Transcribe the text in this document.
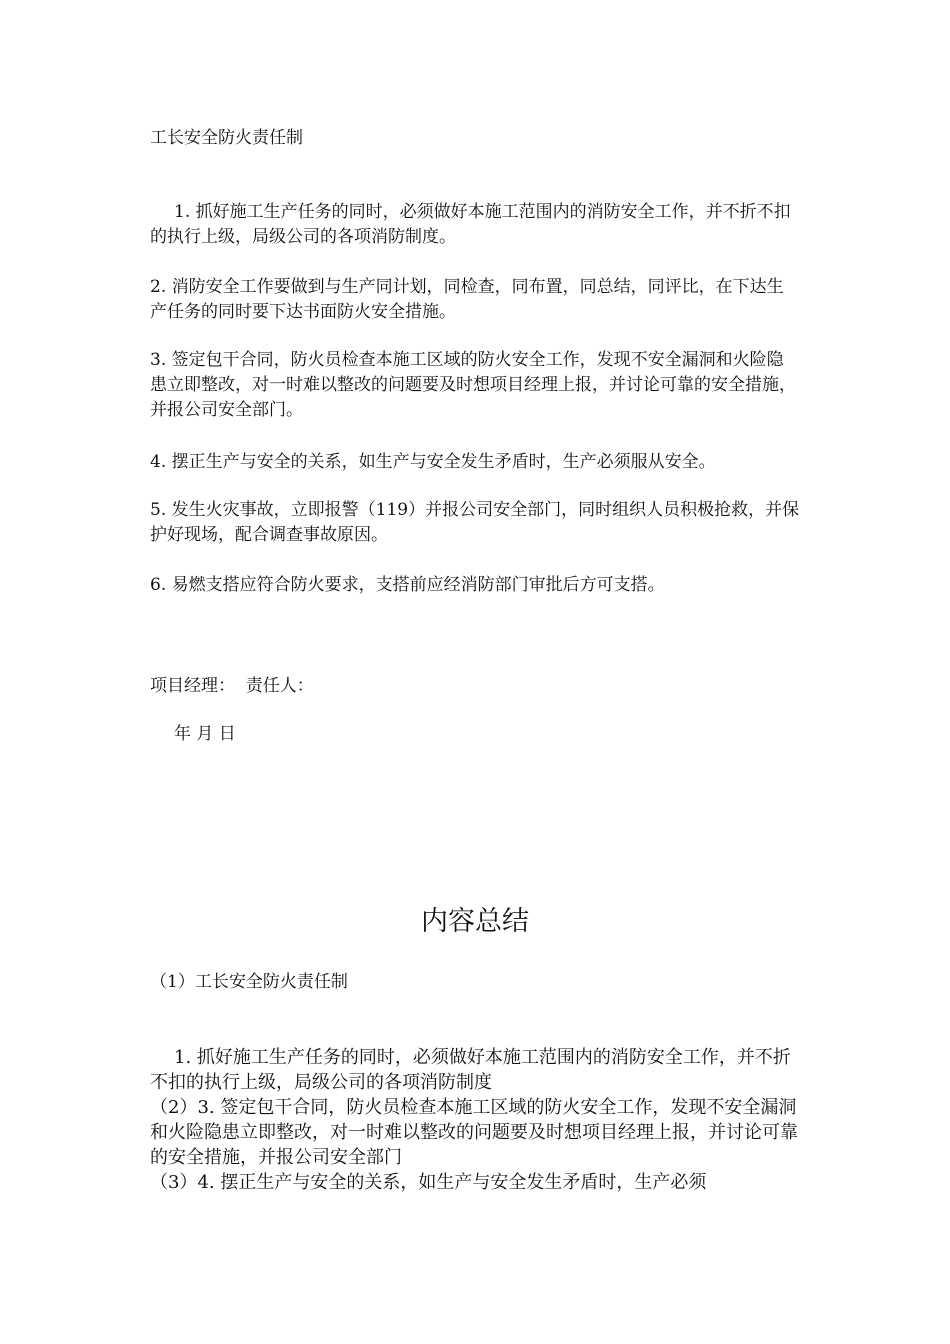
工长安全防火责任制

1. 抓好施工生产任务的同时，必须做好本施工范围内的消防安全工作，并不折不扣的执行上级，局级公司的各项消防制度。

2. 消防安全工作要做到与生产同计划，同检查，同布置，同总结，同评比，在下达生产任务的同时要下达书面防火安全措施。

3. 签定包干合同，防火员检查本施工区域的防火安全工作，发现不安全漏洞和火险隐患立即整改，对一时难以整改的问题要及时想项目经理上报，并讨论可靠的安全措施，并报公司安全部门。

4. 摆正生产与安全的关系，如生产与安全发生矛盾时，生产必须服从安全。

5. 发生火灾事故，立即报警（119）并报公司安全部门，同时组织人员积极抢救，并保护好现场，配合调查事故原因。

6. 易燃支搭应符合防火要求，支搭前应经消防部门审批后方可支搭。

项目经理：  责任人：

年 月 日

内容总结

（1）工长安全防火责任制

1. 抓好施工生产任务的同时，必须做好本施工范围内的消防安全工作，并不折不扣的执行上级，局级公司的各项消防制度
（2）3. 签定包干合同，防火员检查本施工区域的防火安全工作，发现不安全漏洞和火险隐患立即整改，对一时难以整改的问题要及时想项目经理上报，并讨论可靠的安全措施，并报公司安全部门
（3）4. 摆正生产与安全的关系，如生产与安全发生矛盾时，生产必须
